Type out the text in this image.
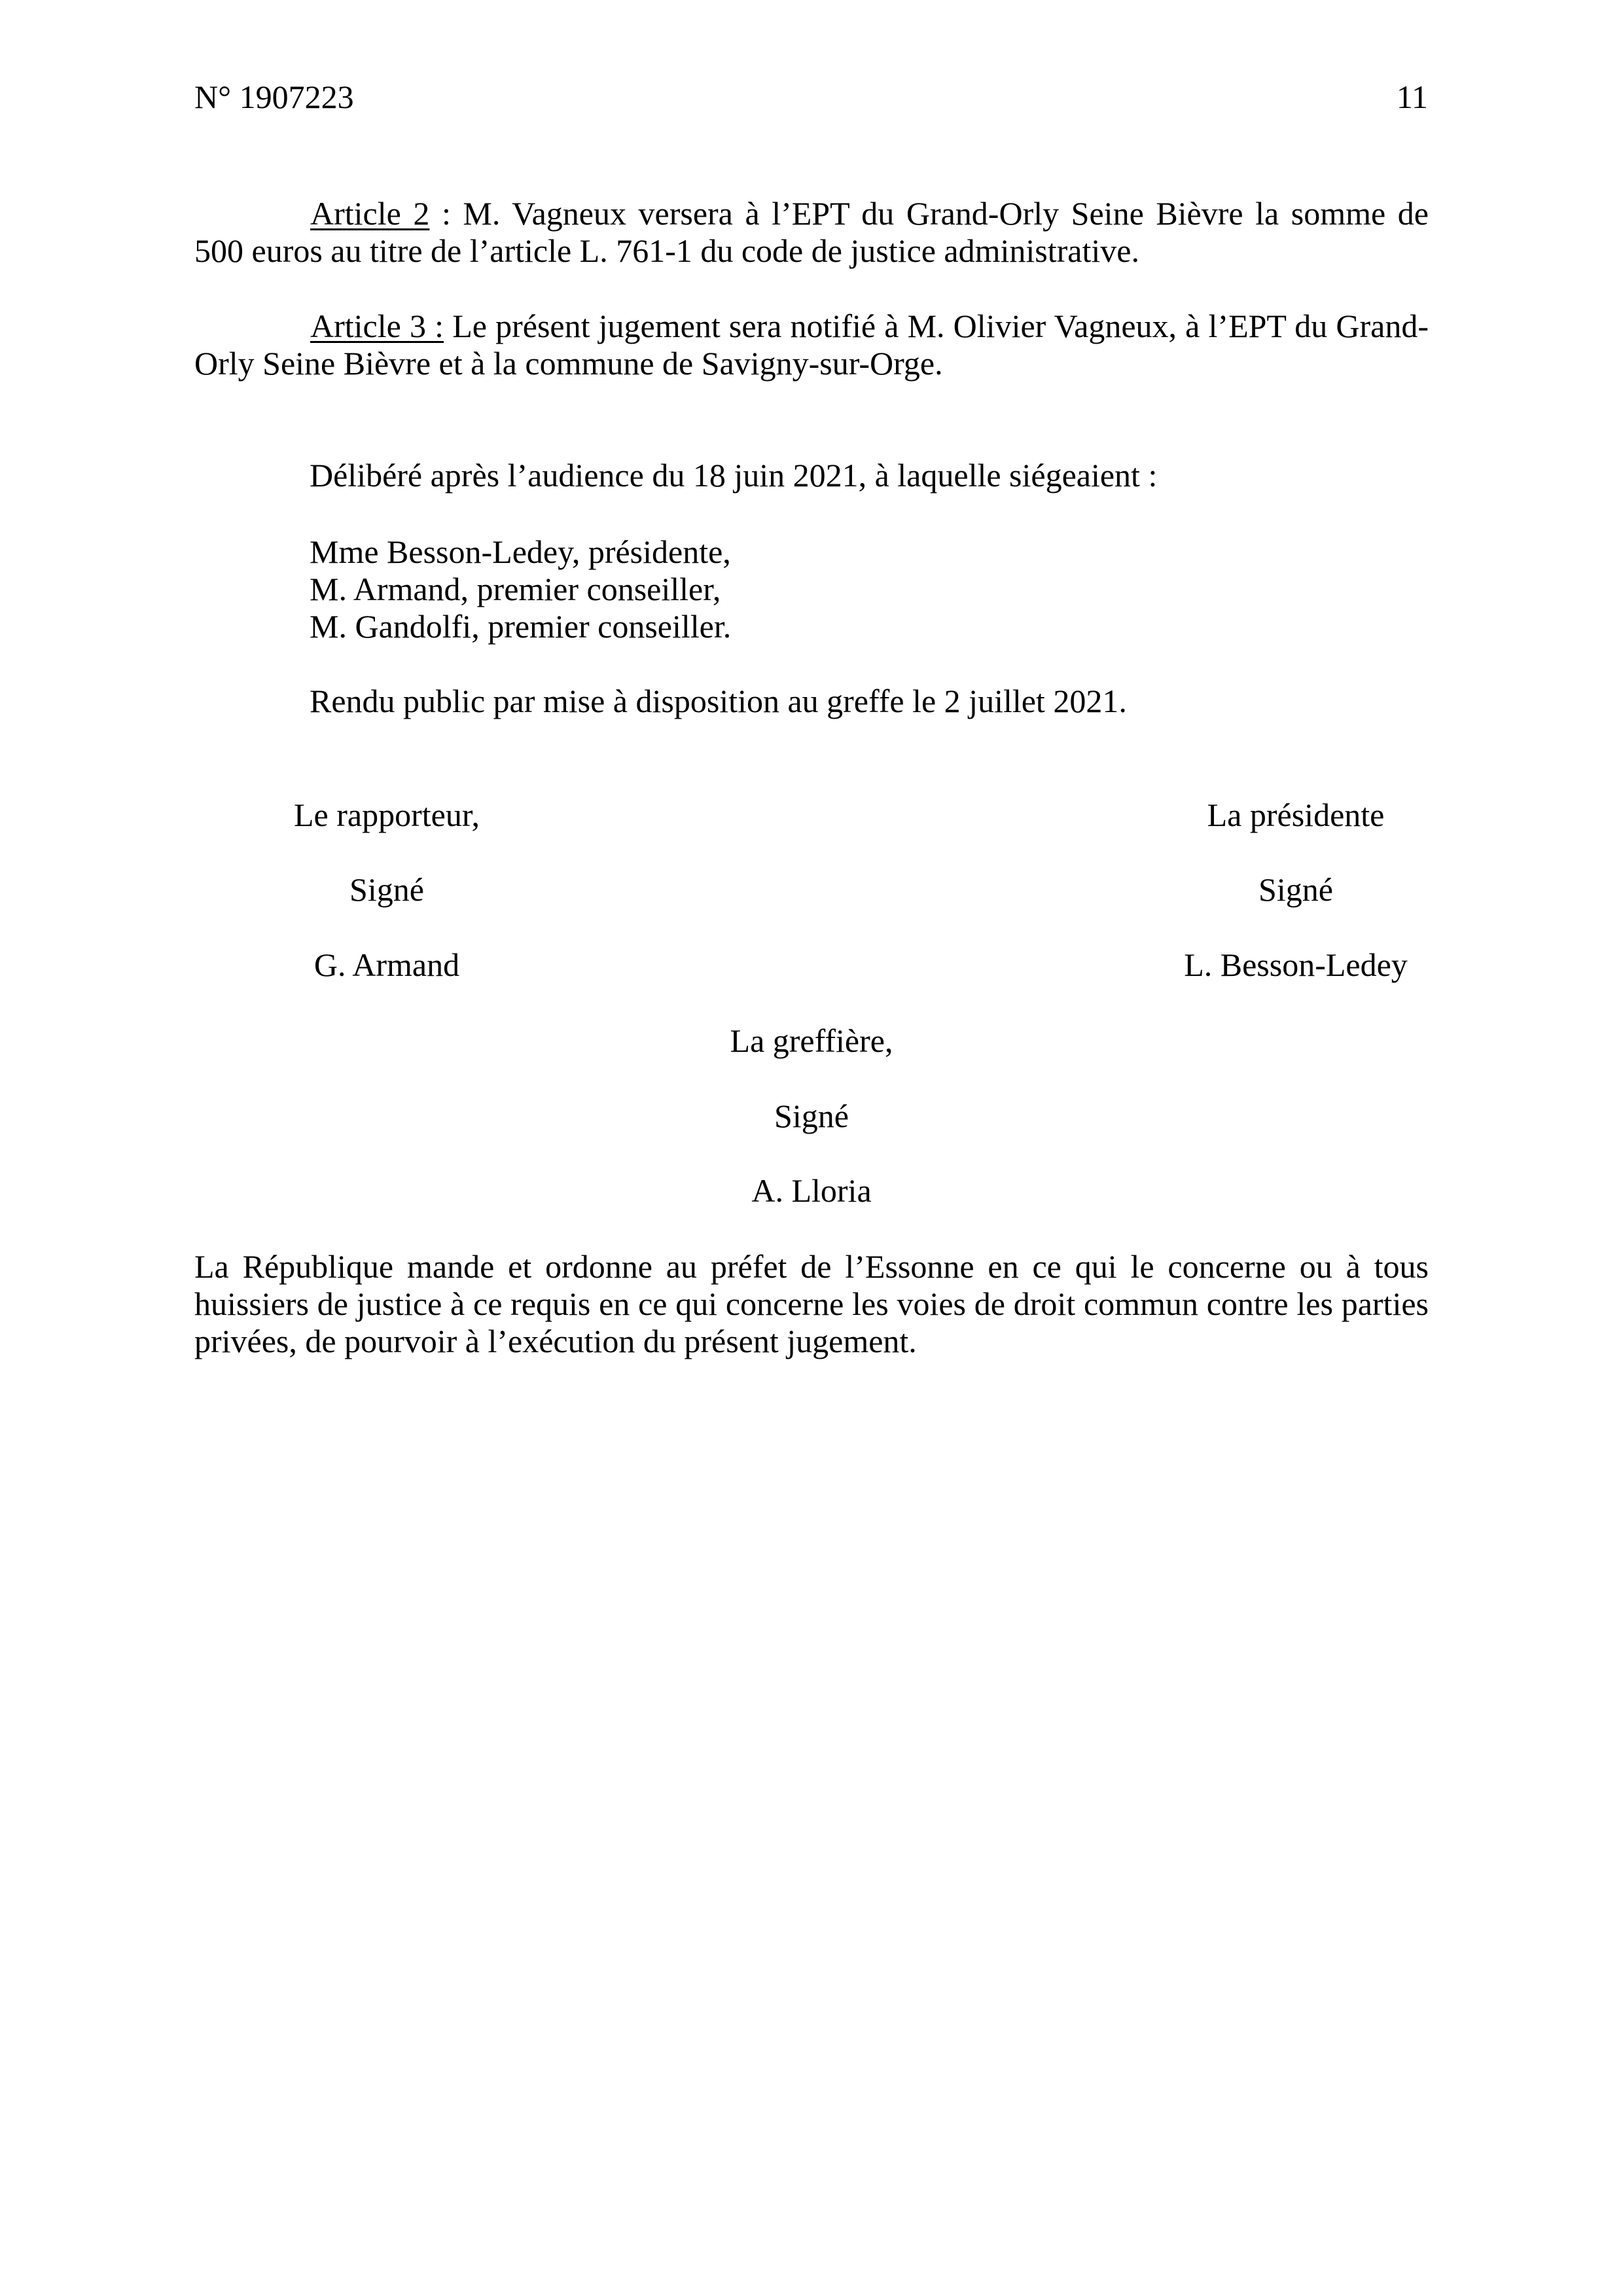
N° 1907223	11
Article 2 : M. Vagneux versera à l’EPT du Grand-Orly Seine Bièvre la somme de
500 euros au titre de l’article L. 761-1 du code de justice administrative.
Article 3 : Le présent jugement sera notifié à M. Olivier Vagneux, à l’EPT du Grand-
Orly Seine Bièvre et à la commune de Savigny-sur-Orge.
Délibéré après l’audience du 18 juin 2021, à laquelle siégeaient :
Mme Besson-Ledey, présidente,
M. Armand, premier conseiller,
M. Gandolfi, premier conseiller.
Rendu public par mise à disposition au greffe le 2 juillet 2021.
Le rapporteur,
Signé
G. Armand
La présidente
Signé
L. Besson-Ledey
La greffière,
Signé
A. Lloria
La République mande et ordonne au préfet de l’Essonne en ce qui le concerne ou à tous
huissiers de justice à ce requis en ce qui concerne les voies de droit commun contre les parties
privées, de pourvoir à l’exécution du présent jugement.
